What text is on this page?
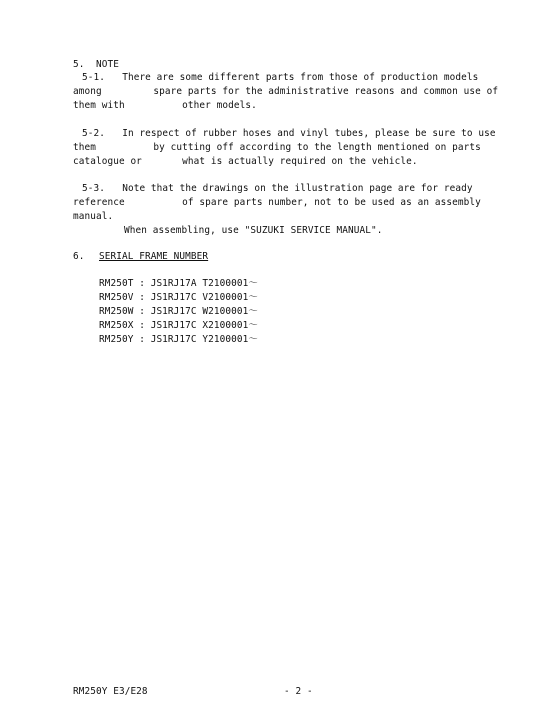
5.  NOTE
5-1.   There are some different parts from those of production models
among         spare parts for the administrative reasons and common use of
them with          other models.
5-2.   In respect of rubber hoses and vinyl tubes, please be sure to use
them          by cutting off according to the length mentioned on parts
catalogue or       what is actually required on the vehicle.
5-3.   Note that the drawings on the illustration page are for ready
reference          of spare parts number, not to be used as an assembly
manual.
When assembling, use "SUZUKI SERVICE MANUAL".
6. SERIAL FRAME NUMBER
RM250T : JS1RJ17A T2100001～
RM250V : JS1RJ17C V2100001～
RM250W : JS1RJ17C W2100001～
RM250X : JS1RJ17C X2100001～
RM250Y : JS1RJ17C Y2100001～
RM250Y E3/E28	- 2 -
